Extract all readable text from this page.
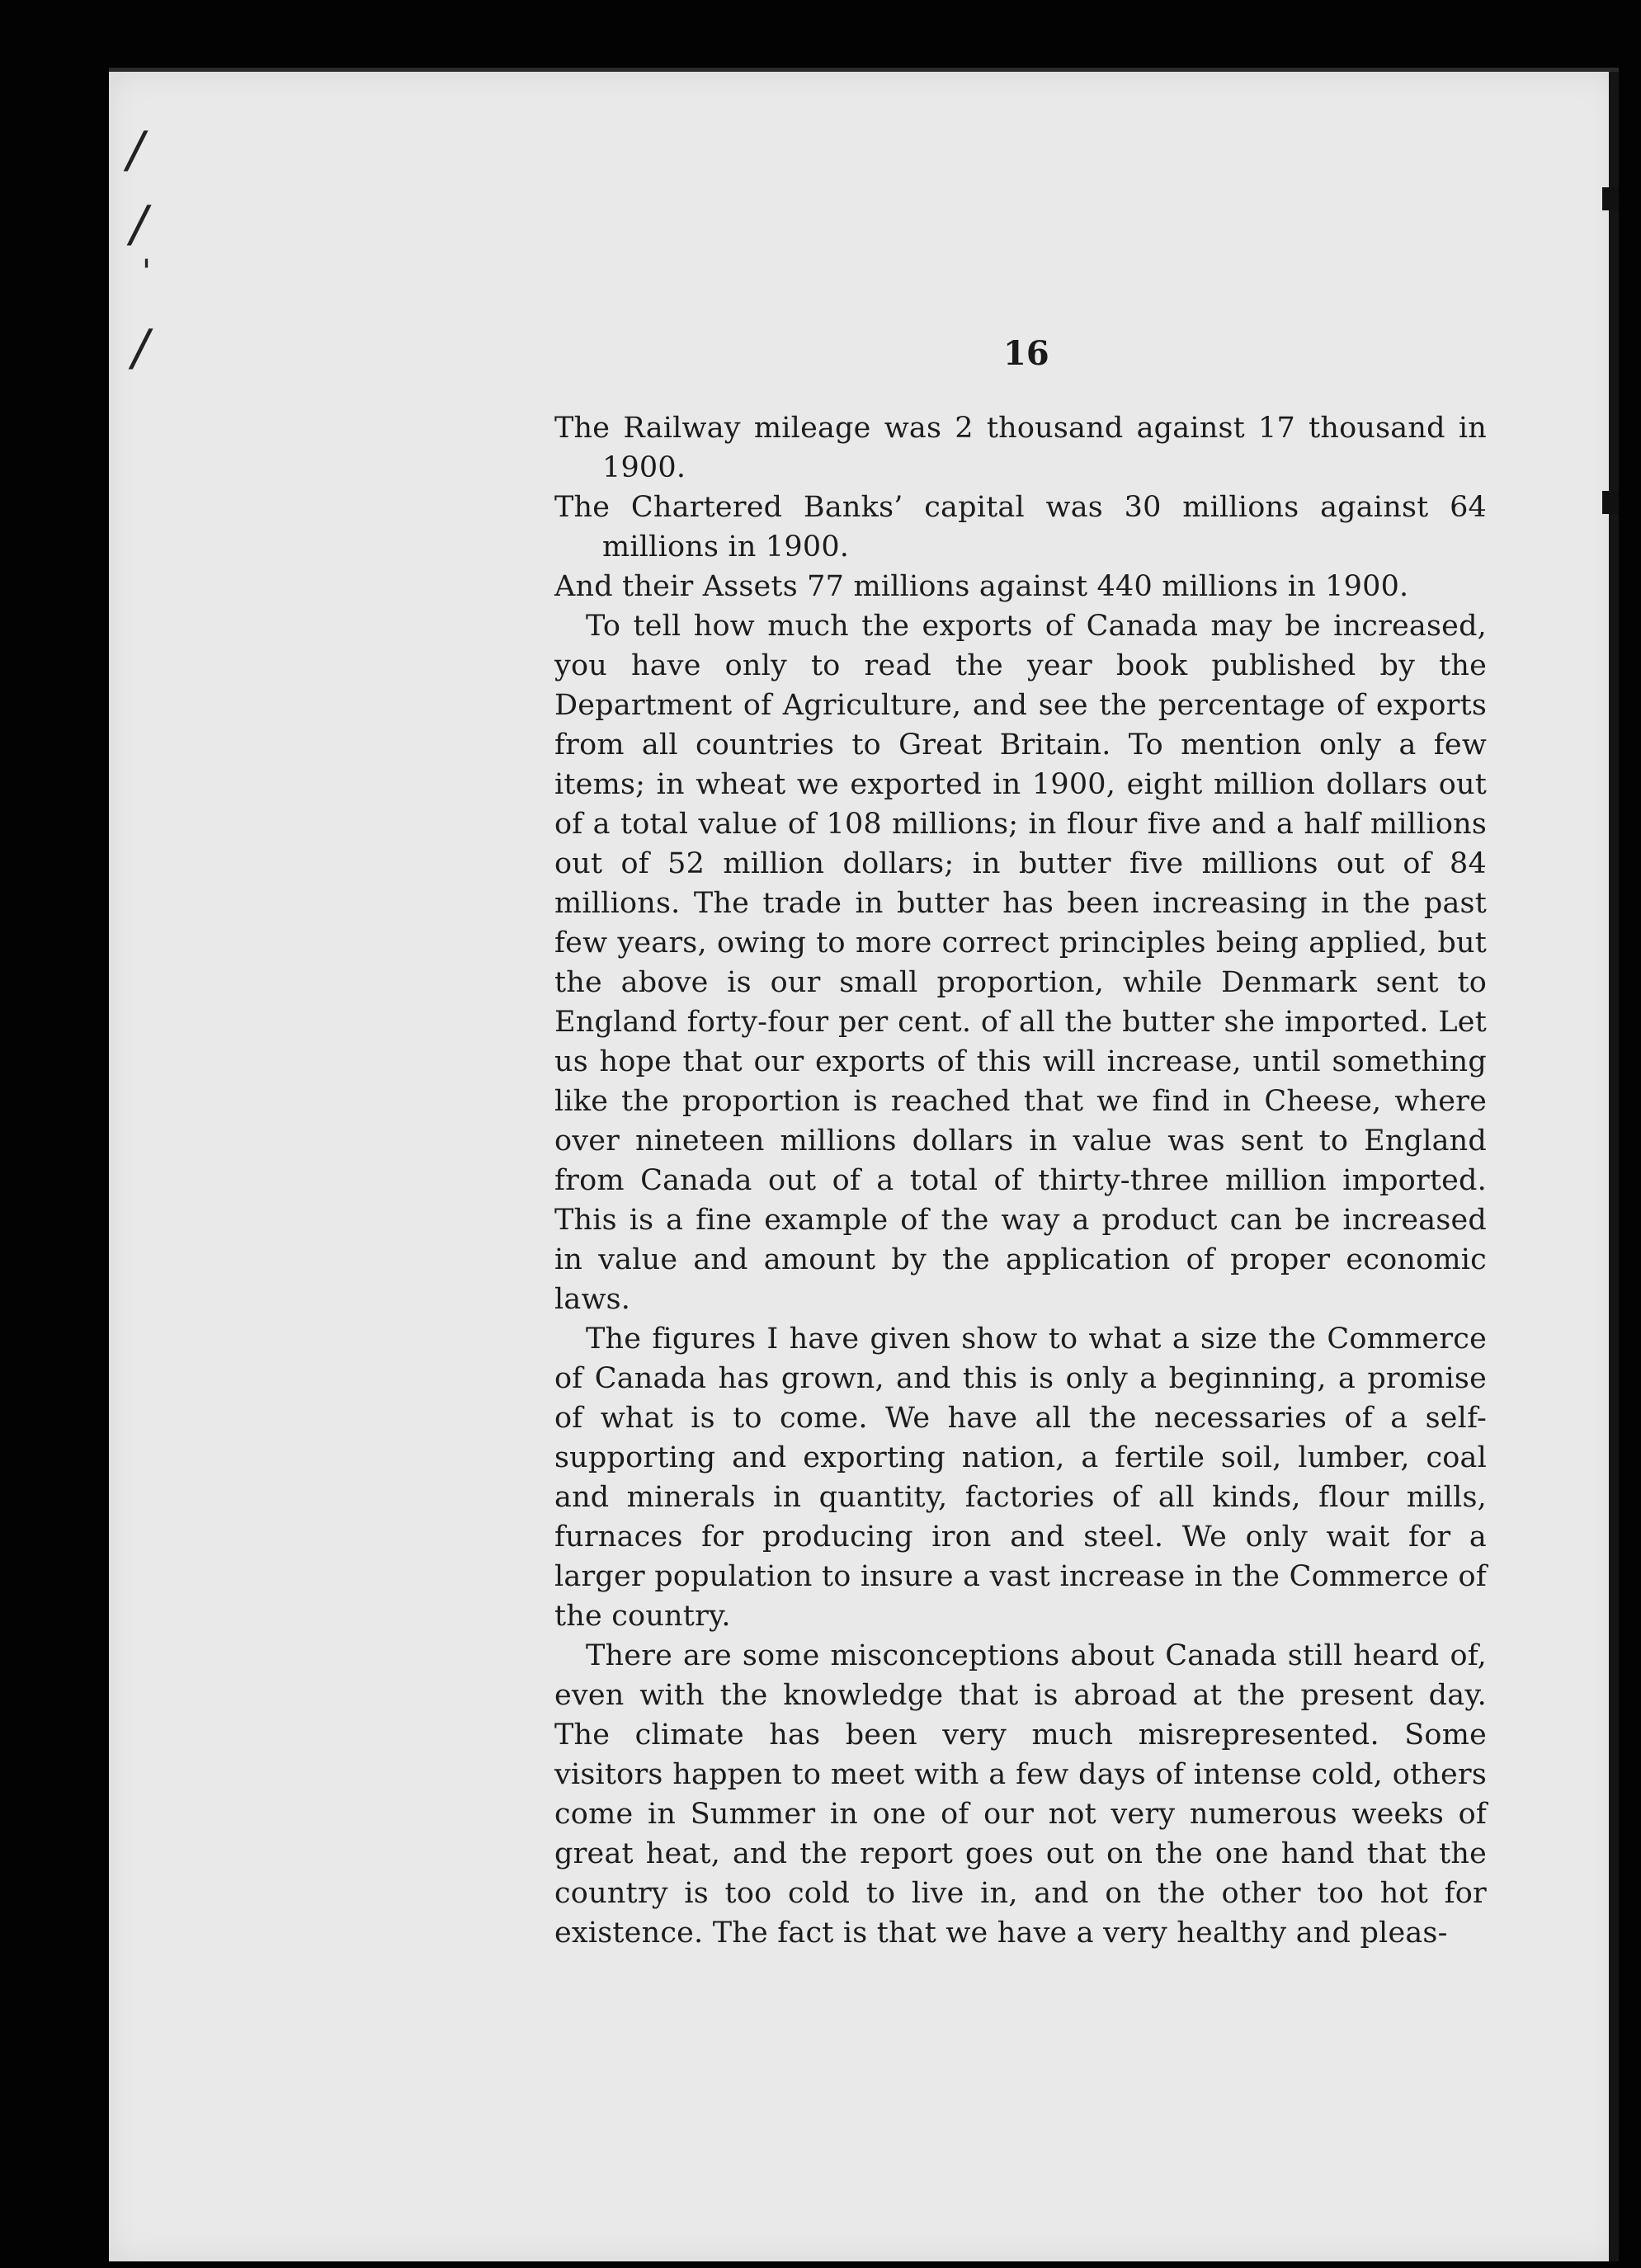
/
/
'
/	16

The Railway mileage was 2 thousand against 17 thousand in 1900.

The Chartered Banks’ capital was 30 millions against 64 millions in 1900.

And their Assets 77 millions against 440 millions in 1900.

To tell how much the exports of Canada may be increased, you have only to read the year book published by the Department of Agriculture, and see the percentage of exports from all countries to Great Britain. To mention only a few items; in wheat we exported in 1900, eight million dollars out of a total value of 108 millions; in flour five and a half millions out of 52 million dollars; in butter five millions out of 84 millions. The trade in butter has been increasing in the past few years, owing to more correct principles being applied, but the above is our small proportion, while Denmark sent to England forty-four per cent. of all the butter she imported. Let us hope that our exports of this will increase, until something like the proportion is reached that we find in Cheese, where over nineteen millions dollars in value was sent to England from Canada out of a total of thirty-three million imported. This is a fine example of the way a product can be increased in value and amount by the application of proper economic laws.

The figures I have given show to what a size the Commerce of Canada has grown, and this is only a beginning, a promise of what is to come. We have all the necessaries of a self-supporting and exporting nation, a fertile soil, lumber, coal and minerals in quantity, factories of all kinds, flour mills, furnaces for producing iron and steel. We only wait for a larger population to insure a vast increase in the Commerce of the country.

There are some misconceptions about Canada still heard of, even with the knowledge that is abroad at the present day. The climate has been very much misrepresented. Some visitors happen to meet with a few days of intense cold, others come in Summer in one of our not very numerous weeks of great heat, and the report goes out on the one hand that the country is too cold to live in, and on the other too hot for existence. The fact is that we have a very healthy and pleas-
